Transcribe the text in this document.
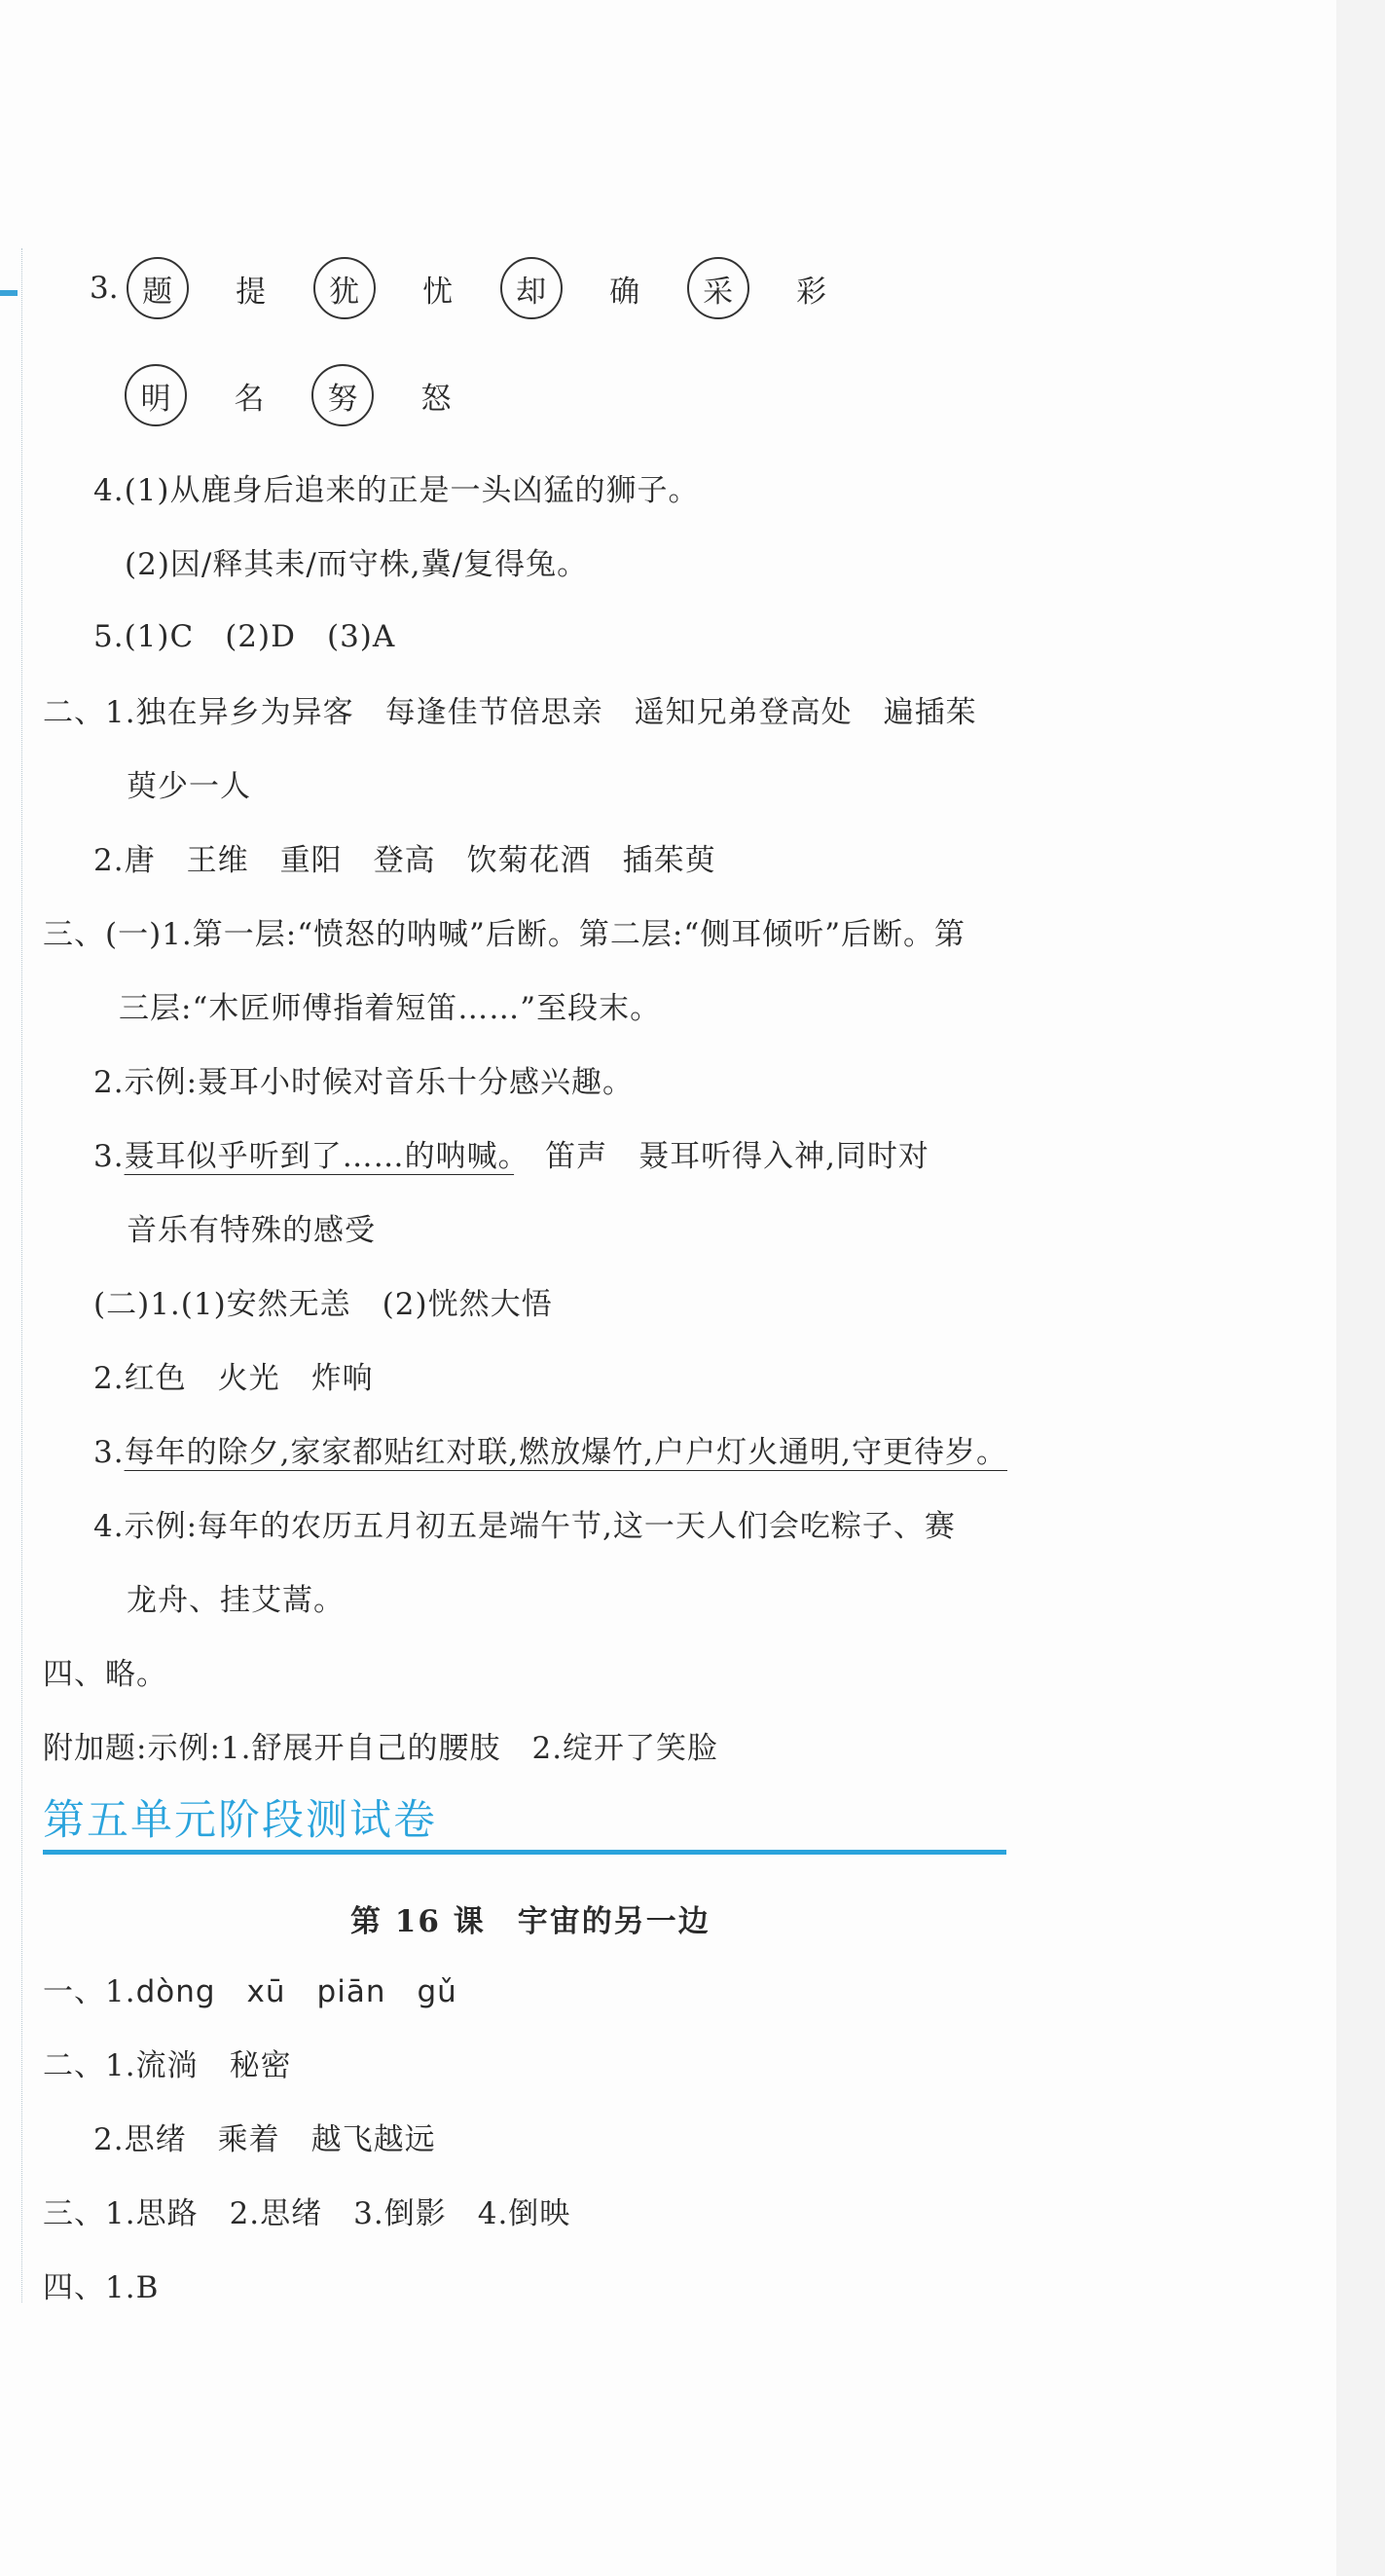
3. 题	提	犹	忧	却	确	采	彩
明	名	努	怒
4.(1)从鹿身后追来的正是一头凶猛的狮子。
(2)因/释其耒/而守株,冀/复得兔。
5.(1)C　(2)D　(3)A
二、1.独在异乡为异客　每逢佳节倍思亲　遥知兄弟登高处　遍插茱
萸少一人
2.唐　王维　重阳　登高　饮菊花酒　插茱萸
三、(一)1.第一层:“愤怒的呐喊”后断。第二层:“侧耳倾听”后断。第
三层:“木匠师傅指着短笛……”至段末。
2.示例:聂耳小时候对音乐十分感兴趣。
3.聂耳似乎听到了……的呐喊。　笛声　聂耳听得入神,同时对
音乐有特殊的感受
(二)1.(1)安然无恙　(2)恍然大悟
2.红色　火光　炸响
3.每年的除夕,家家都贴红对联,燃放爆竹,户户灯火通明,守更待岁。
4.示例:每年的农历五月初五是端午节,这一天人们会吃粽子、赛
龙舟、挂艾蒿。
四、略。
附加题:示例:1.舒展开自己的腰肢　2.绽开了笑脸
第五单元阶段测试卷
第 16 课　宇宙的另一边
一、1.dòng　xū　piān　gǔ
二、1.流淌　秘密
2.思绪　乘着　越飞越远
三、1.思路　2.思绪　3.倒影　4.倒映
四、1.B
